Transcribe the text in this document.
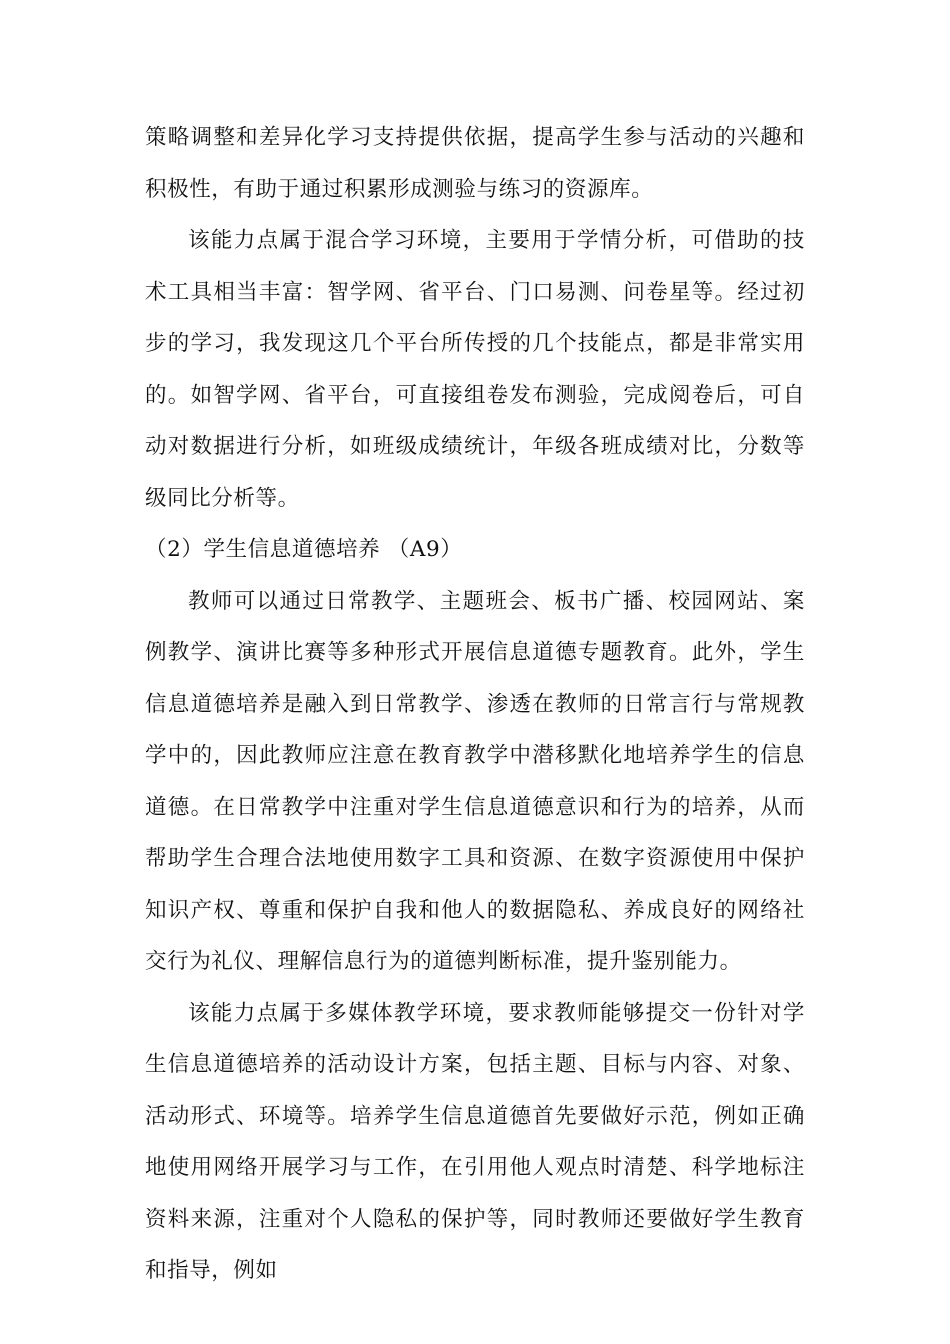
策略调整和差异化学习支持提供依据，提高学生参与活动的兴趣和积极性，有助于通过积累形成测验与练习的资源库。

该能力点属于混合学习环境，主要用于学情分析，可借助的技术工具相当丰富：智学网、省平台、门口易测、问卷星等。经过初步的学习，我发现这几个平台所传授的几个技能点，都是非常实用的。如智学网、省平台，可直接组卷发布测验，完成阅卷后，可自动对数据进行分析，如班级成绩统计，年级各班成绩对比，分数等级同比分析等。

（2）学生信息道德培养 （A9）

教师可以通过日常教学、主题班会、板书广播、校园网站、案例教学、演讲比赛等多种形式开展信息道德专题教育。此外，学生信息道德培养是融入到日常教学、渗透在教师的日常言行与常规教学中的，因此教师应注意在教育教学中潜移默化地培养学生的信息道德。在日常教学中注重对学生信息道德意识和行为的培养，从而帮助学生合理合法地使用数字工具和资源、在数字资源使用中保护知识产权、尊重和保护自我和他人的数据隐私、养成良好的网络社交行为礼仪、理解信息行为的道德判断标准，提升鉴别能力。

该能力点属于多媒体教学环境，要求教师能够提交一份针对学生信息道德培养的活动设计方案，包括主题、目标与内容、对象、活动形式、环境等。培养学生信息道德首先要做好示范，例如正确地使用网络开展学习与工作，在引用他人观点时清楚、科学地标注资料来源，注重对个人隐私的保护等，同时教师还要做好学生教育和指导，例如
